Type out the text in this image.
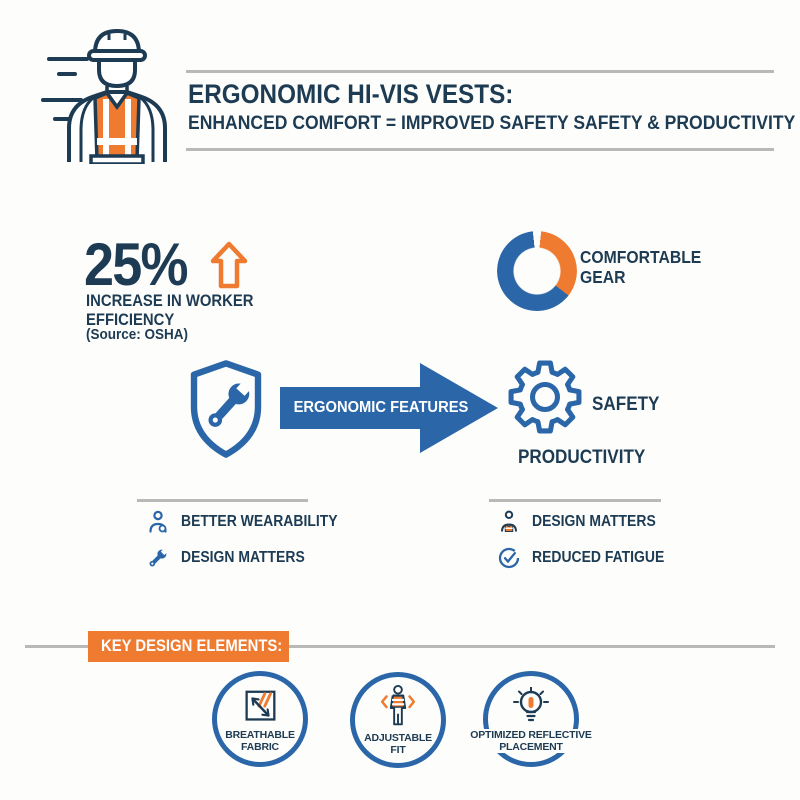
ERGONOMIC HI-VIS VESTS:
ENHANCED COMFORT = IMPROVED SAFETY SAFETY & PRODUCTIVITY
25%
INCREASE IN WORKER
EFFICIENCY
(Source: OSHA)
COMFORTABLE
GEAR
ERGONOMIC FEATURES	SAFETY
PRODUCTIVITY
BETTER WEARABILITY
DESIGN MATTERS
DESIGN MATTERS
REDUCED FATIGUE
KEY DESIGN ELEMENTS:
BREATHABLE
FABRIC
ADJUSTABLE
FIT
OPTIMIZED REFLECTIVE
PLACEMENT
